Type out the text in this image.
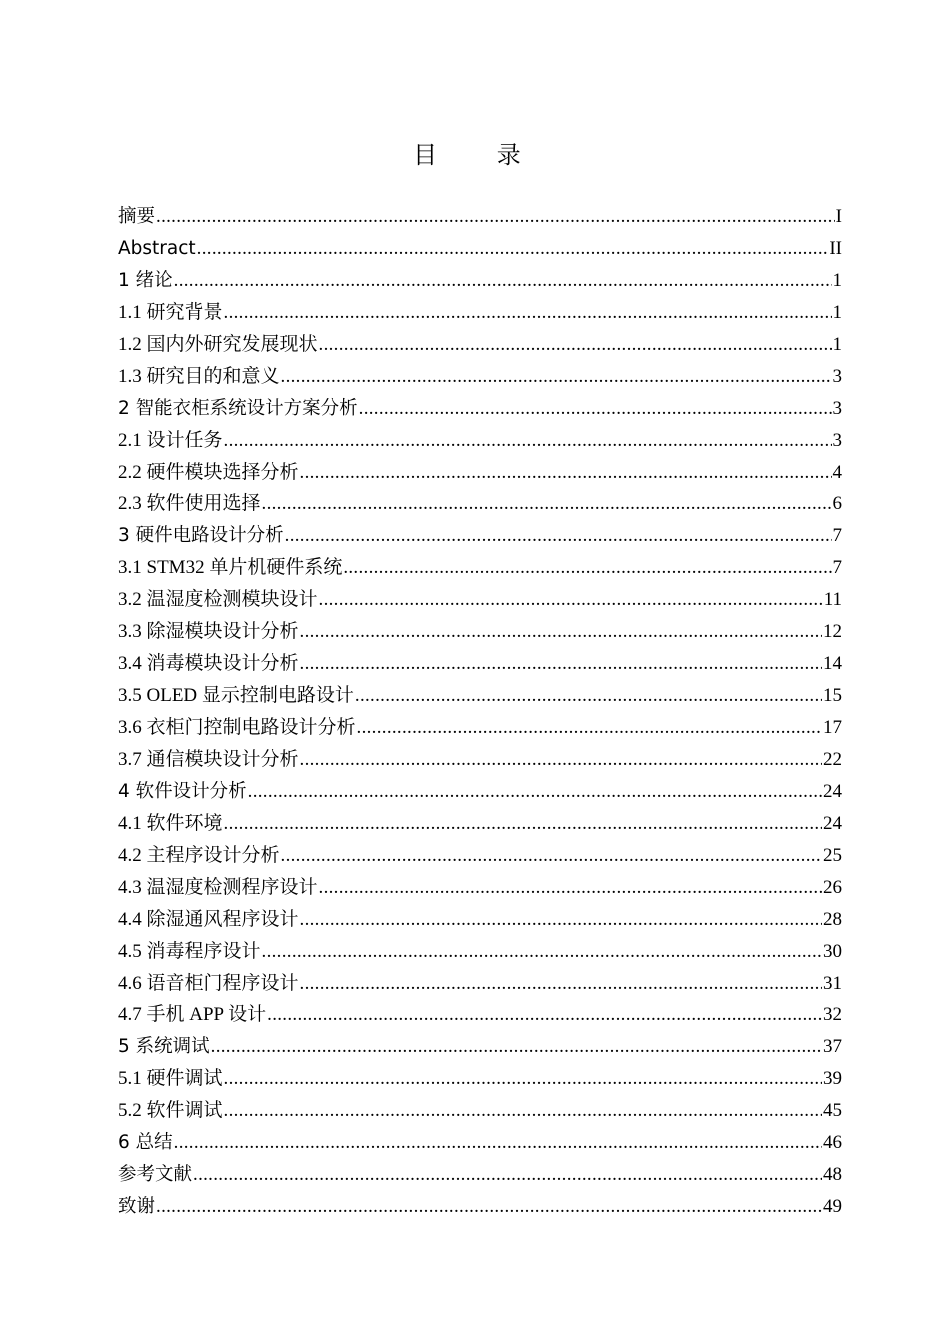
目 录
摘要 .....	I
Abstract .....	II
1 绪论 .....	1
1.1 研究背景 .....	1
1.2 国内外研究发展现状 .....	1
1.3 研究目的和意义 .....	3
2 智能衣柜系统设计方案分析 .....	3
2.1 设计任务 .....	3
2.2 硬件模块选择分析 .....	4
2.3 软件使用选择 .....	6
3 硬件电路设计分析 .....	7
3.1 STM32 单片机硬件系统 .....	7
3.2 温湿度检测模块设计 .....	11
3.3 除湿模块设计分析 .....	12
3.4 消毒模块设计分析 .....	14
3.5 OLED 显示控制电路设计 .....	15
3.6 衣柜门控制电路设计分析 .....	17
3.7 通信模块设计分析 .....	22
4 软件设计分析 .....	24
4.1 软件环境 .....	24
4.2 主程序设计分析 .....	25
4.3 温湿度检测程序设计 .....	26
4.4 除湿通风程序设计 .....	28
4.5 消毒程序设计 .....	30
4.6 语音柜门程序设计 .....	31
4.7 手机 APP 设计 .....	32
5 系统调试 .....	37
5.1 硬件调试 .....	39
5.2 软件调试 .....	45
6 总结 .....	46
参考文献 .....	48
致谢 .....	49
